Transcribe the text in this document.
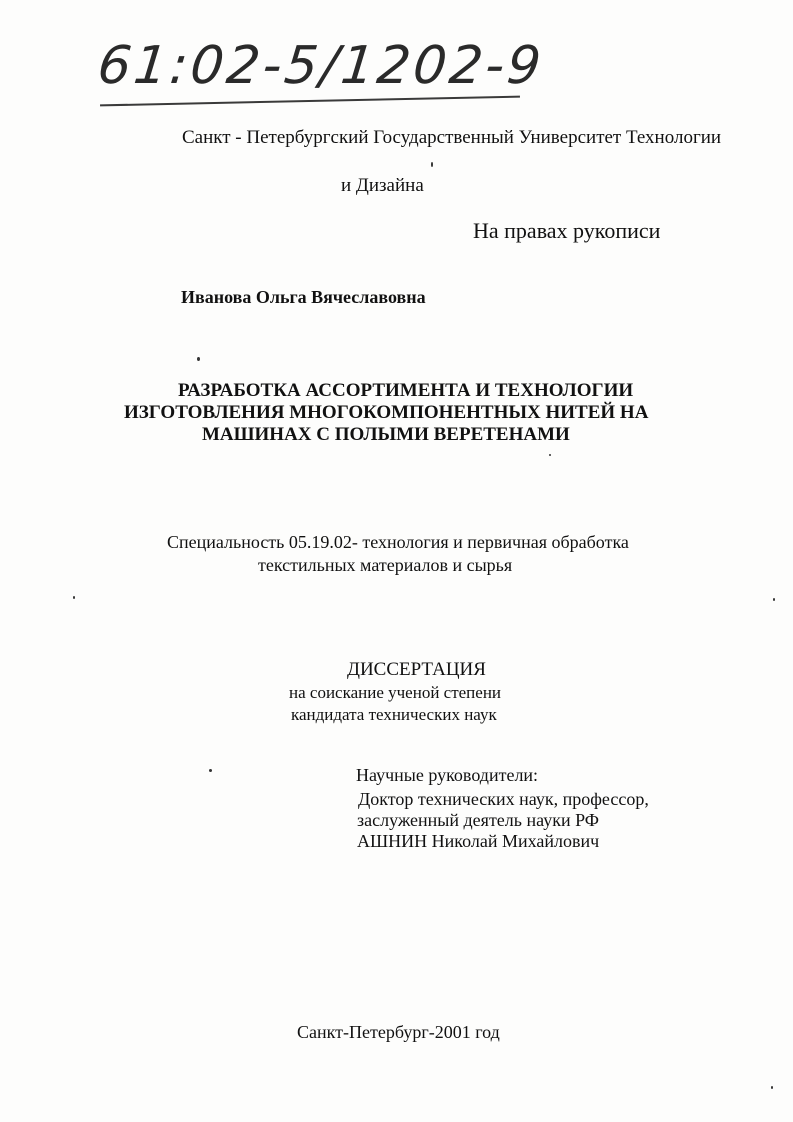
61:02-5/1202-9
Санкт - Петербургский Государственный Университет Технологии
и Дизайна
На правах рукописи
Иванова Ольга Вячеславовна
РАЗРАБОТКА АССОРТИМЕНТА И ТЕХНОЛОГИИ
ИЗГОТОВЛЕНИЯ МНОГОКОМПОНЕНТНЫХ НИТЕЙ НА
МАШИНАХ С ПОЛЫМИ ВЕРЕТЕНАМИ
Специальность 05.19.02- технология и первичная обработка
текстильных материалов и сырья
ДИССЕРТАЦИЯ
на соискание ученой степени
кандидата технических наук
Научные руководители:
Доктор технических наук, профессор,
заслуженный деятель науки РФ
АШНИН Николай Михайлович
Санкт-Петербург-2001 год
